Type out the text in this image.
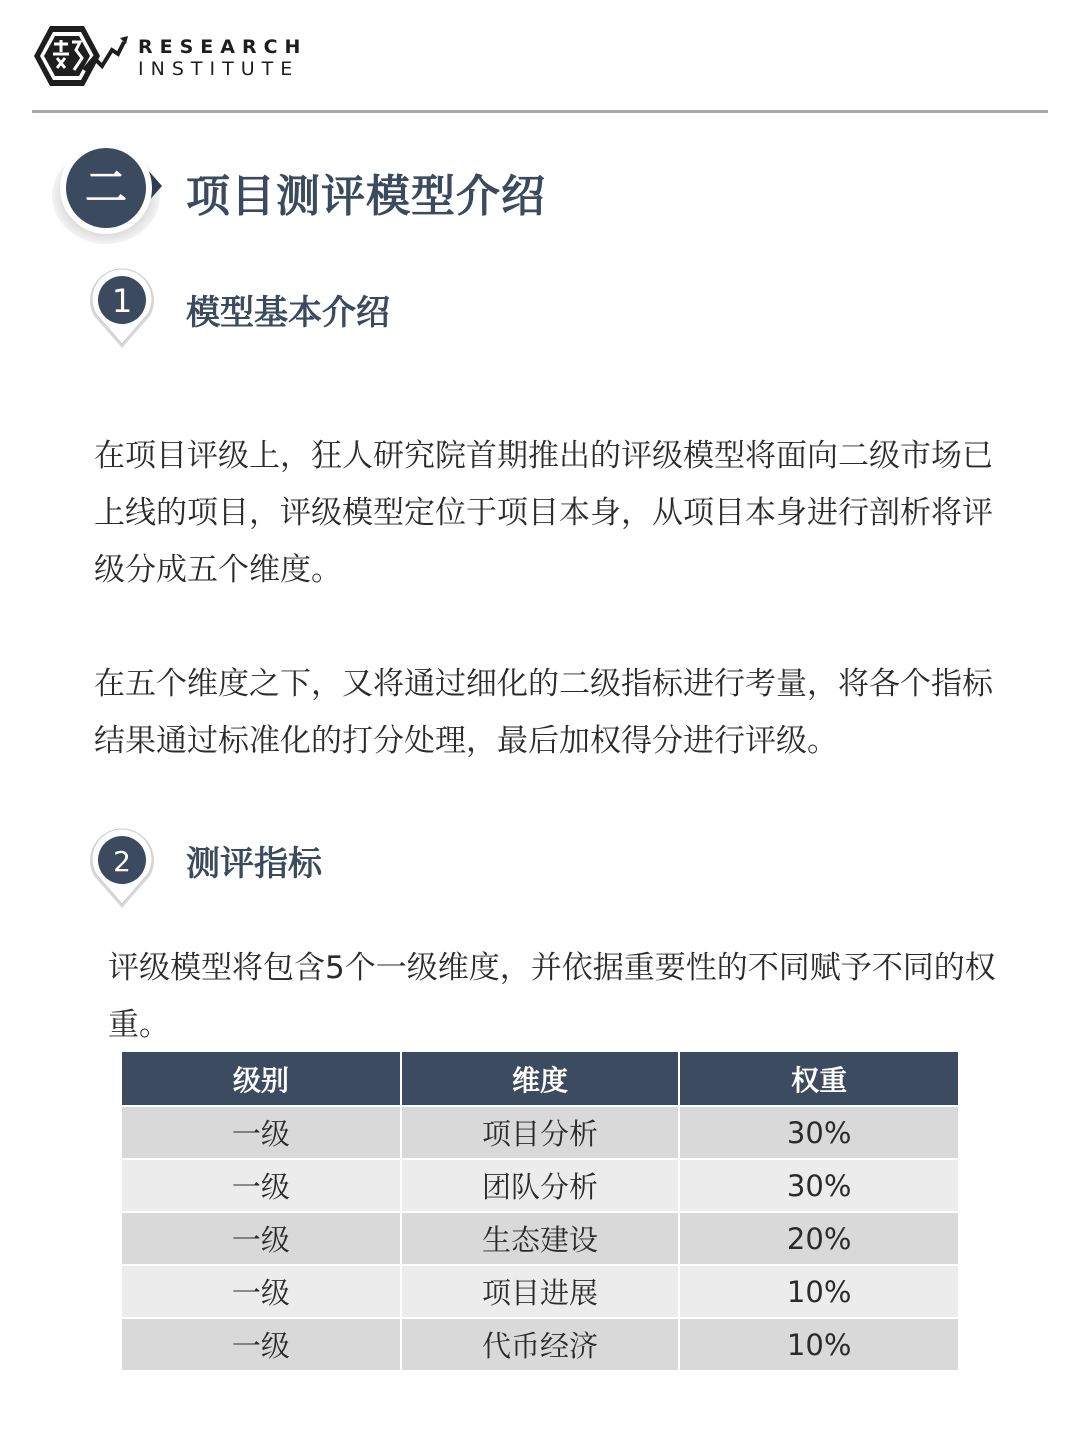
RESEARCH
INSTITUTE
二 项目测评模型介绍
1 模型基本介绍
在项目评级上，狂人研究院首期推出的评级模型将面向二级市场已上线的项目，评级模型定位于项目本身，从项目本身进行剖析将评级分成五个维度。
在五个维度之下，又将通过细化的二级指标进行考量，将各个指标结果通过标准化的打分处理，最后加权得分进行评级。
2 测评指标
评级模型将包含5个一级维度，并依据重要性的不同赋予不同的权重。
级别	维度	权重
一级	项目分析	30%
一级	团队分析	30%
一级	生态建设	20%
一级	项目进展	10%
一级	代币经济	10%
